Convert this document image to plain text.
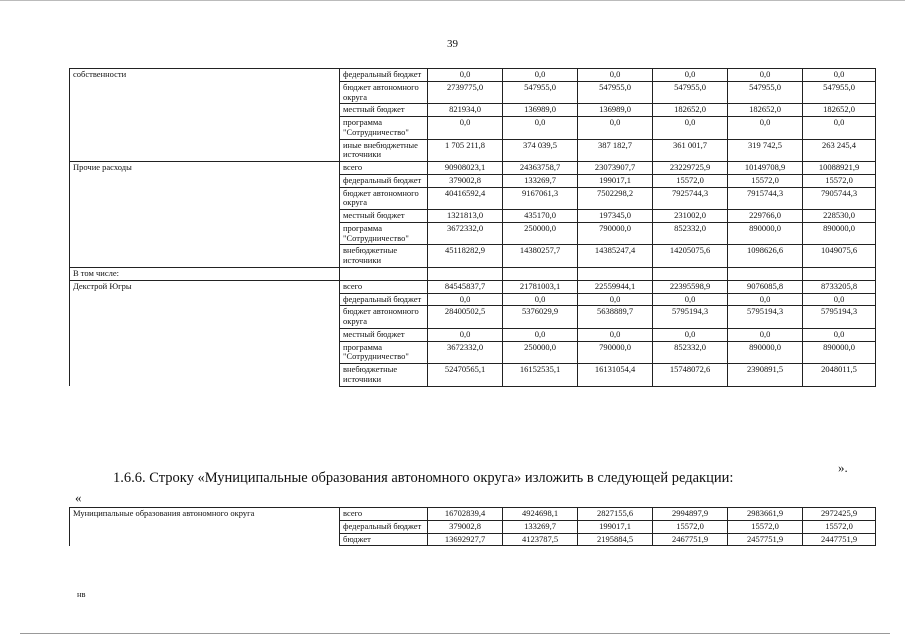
39
собственности	федеральный бюджет	0,0	0,0	0,0	0,0	0,0	0,0
	бюджет автономного округа	2739775,0	547955,0	547955,0	547955,0	547955,0	547955,0
	местный бюджет	821934,0	136989,0	136989,0	182652,0	182652,0	182652,0
	программа "Сотрудничество"	0,0	0,0	0,0	0,0	0,0	0,0
	иные внебюджетные источники	1 705 211,8	374 039,5	387 182,7	361 001,7	319 742,5	263 245,4
Прочие расходы	всего	90908023,1	24363758,7	23073907,7	23229725,9	10149708,9	10088921,9
	федеральный бюджет	379002,8	133269,7	199017,1	15572,0	15572,0	15572,0
	бюджет автономного округа	40416592,4	9167061,3	7502298,2	7925744,3	7915744,3	7905744,3
	местный бюджет	1321813,0	435170,0	197345,0	231002,0	229766,0	228530,0
	программа "Сотрудничество"	3672332,0	250000,0	790000,0	852332,0	890000,0	890000,0
	внебюджетные источники	45118282,9	14380257,7	14385247,4	14205075,6	1098626,6	1049075,6
В том числе:							
Декстрой Югры	всего	84545837,7	21781003,1	22559944,1	22395598,9	9076085,8	8733205,8
	федеральный бюджет	0,0	0,0	0,0	0,0	0,0	0,0
	бюджет автономного округа	28400502,5	5376029,9	5638889,7	5795194,3	5795194,3	5795194,3
	местный бюджет	0,0	0,0	0,0	0,0	0,0	0,0
	программа "Сотрудничество"	3672332,0	250000,0	790000,0	852332,0	890000,0	890000,0
	внебюджетные источники	52470565,1	16152535,1	16131054,4	15748072,6	2390891,5	2048011,5
».
1.6.6. Строку «Муниципальные образования автономного округа» изложить в следующей редакции:
«
Муниципальные образования автономного округа	всего	16702839,4	4924698,1	2827155,6	2994897,9	2983661,9	2972425,9
	федеральный бюджет	379002,8	133269,7	199017,1	15572,0	15572,0	15572,0
	бюджет	13692927,7	4123787,5	2195884,5	2467751,9	2457751,9	2447751,9
нв
